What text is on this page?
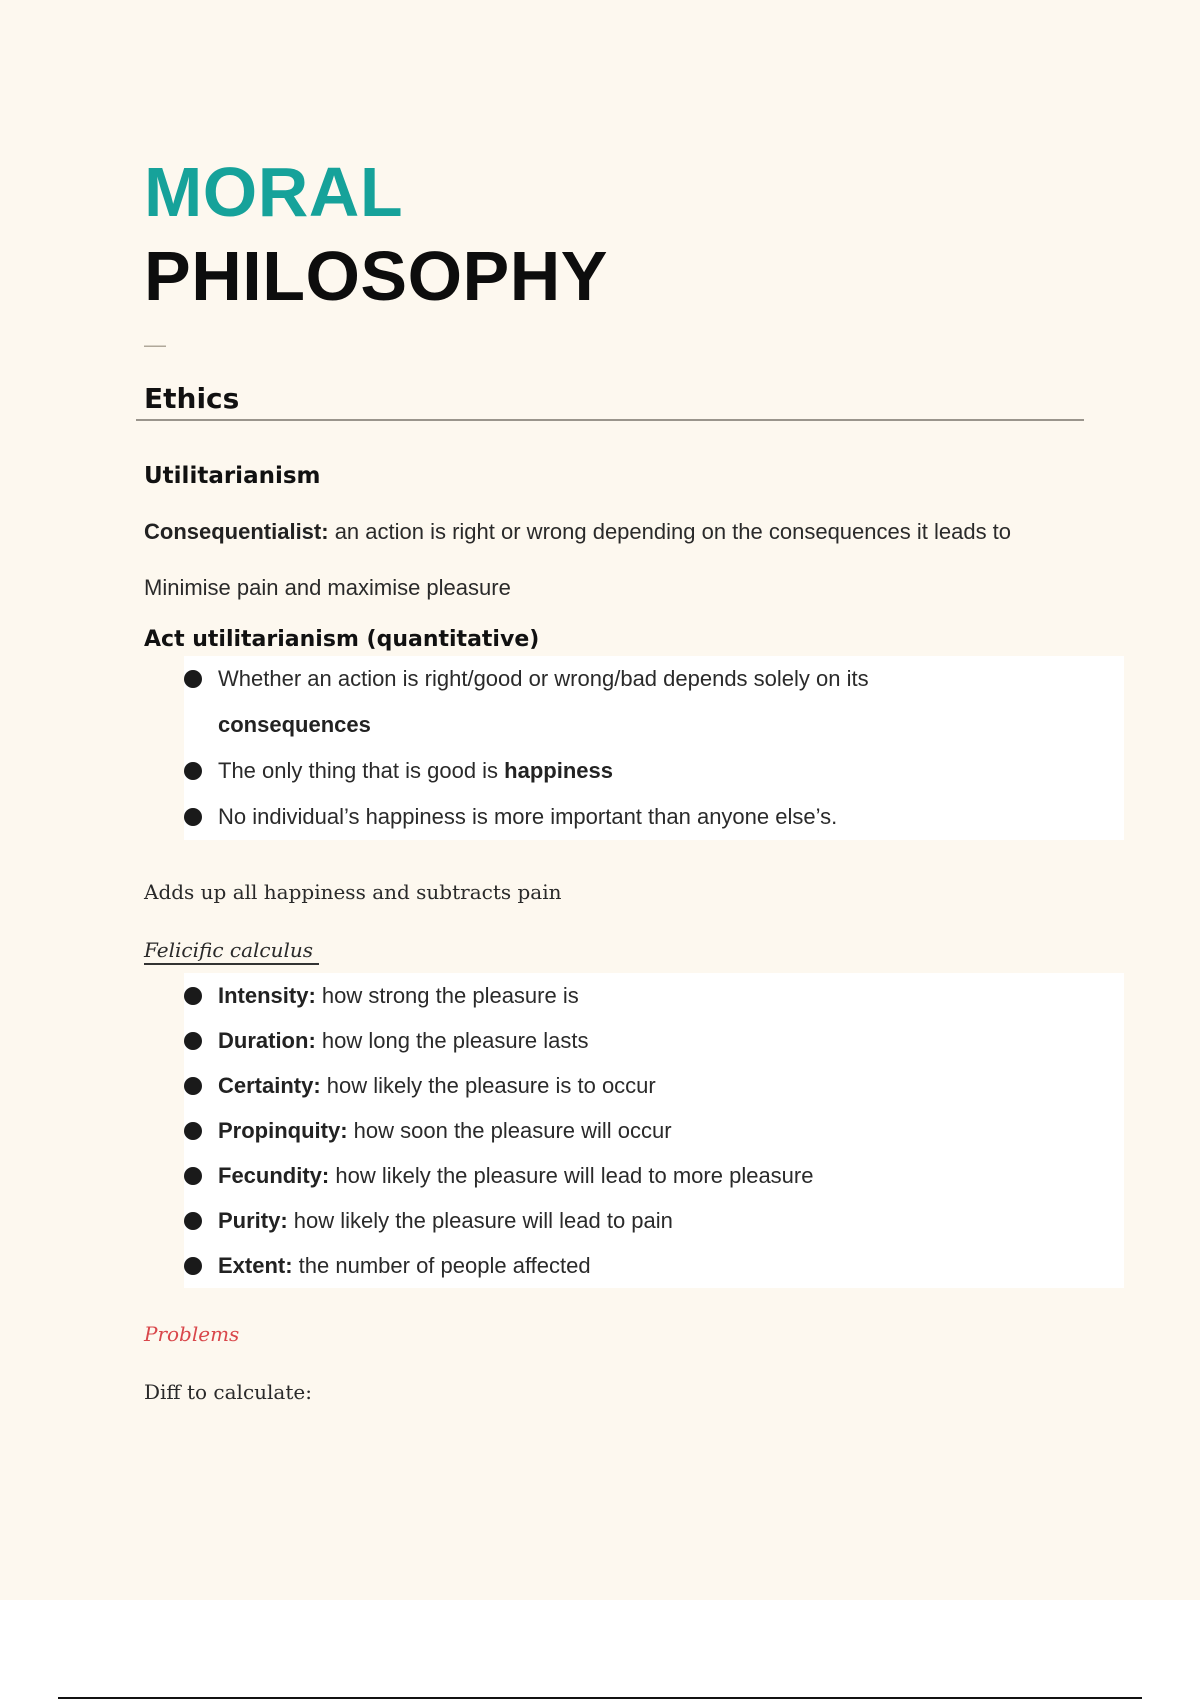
MORAL
PHILOSOPHY
—
Ethics
Utilitarianism
Consequentialist: an action is right or wrong depending on the consequences it leads to
Minimise pain and maximise pleasure
Act utilitarianism (quantitative)
Whether an action is right/good or wrong/bad depends solely on its
consequences
The only thing that is good is happiness
No individual’s happiness is more important than anyone else’s.
Adds up all happiness and subtracts pain
Felicific calculus
Intensity: how strong the pleasure is
Duration: how long the pleasure lasts
Certainty: how likely the pleasure is to occur
Propinquity: how soon the pleasure will occur
Fecundity: how likely the pleasure will lead to more pleasure
Purity: how likely the pleasure will lead to pain
Extent: the number of people affected
Problems
Diff to calculate:
